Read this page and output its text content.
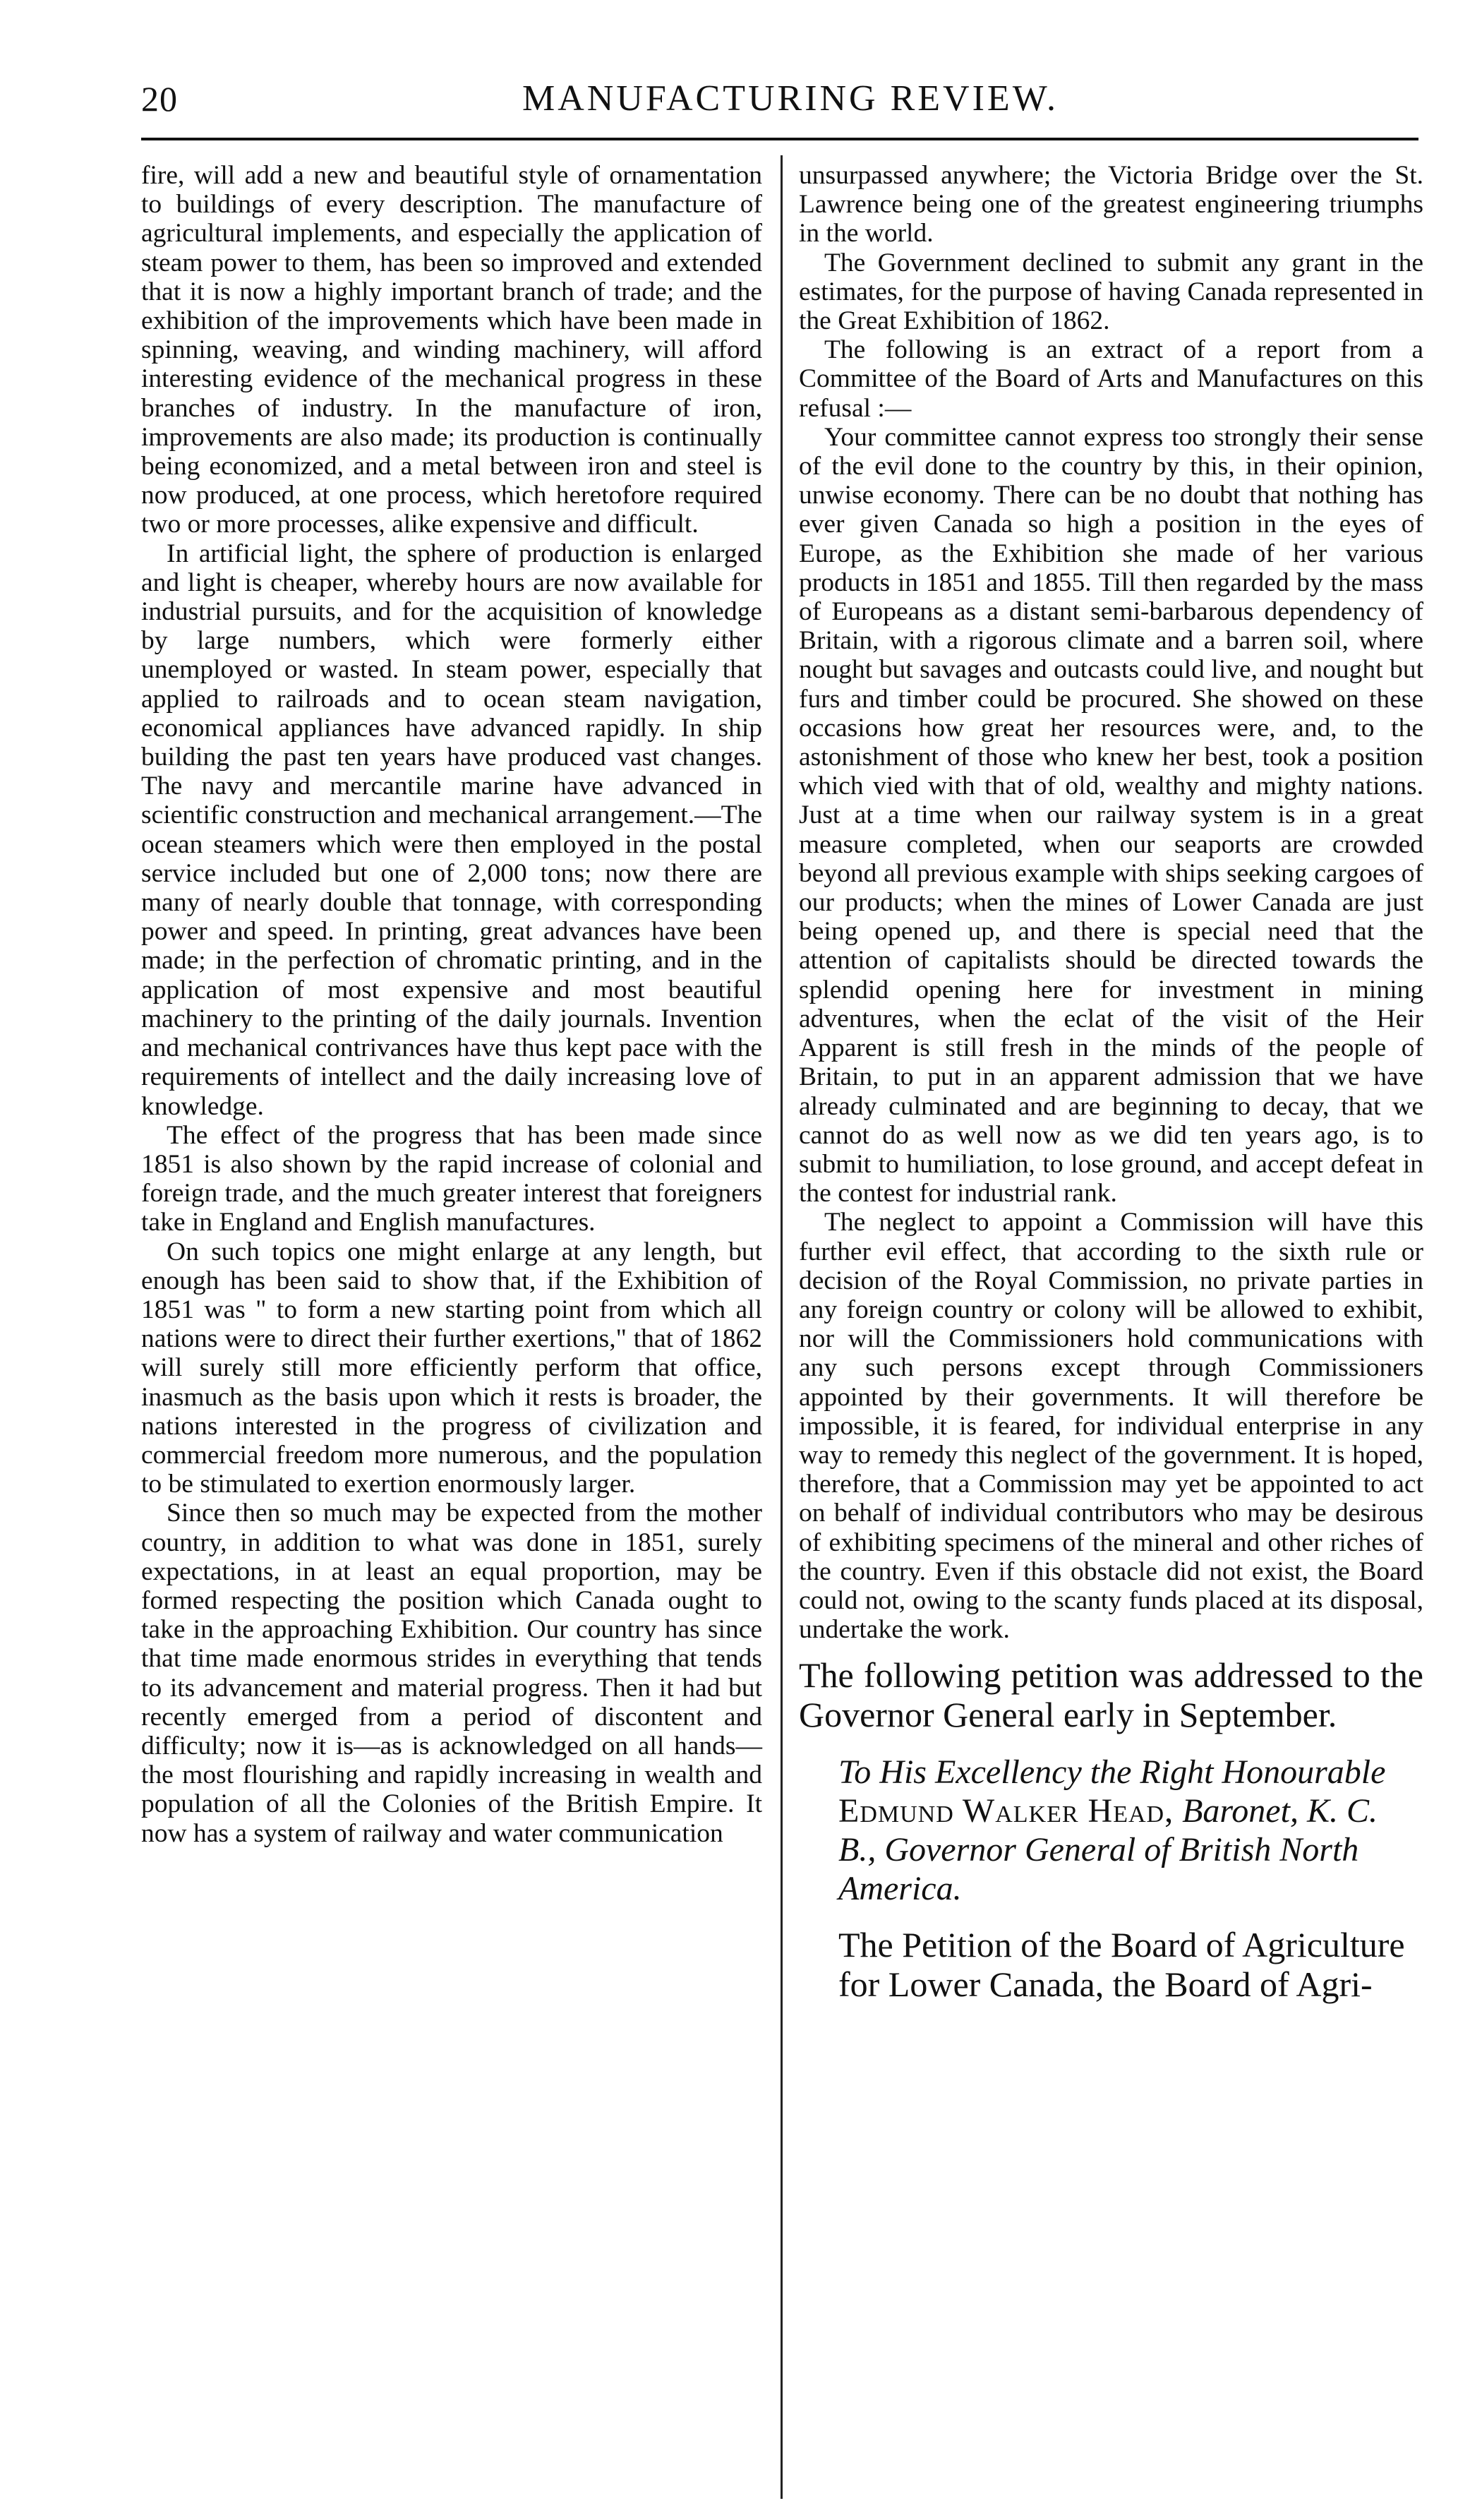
20	MANUFACTURING REVIEW.

fire, will add a new and beautiful style of ornamentation to buildings of every description. The manufacture of agricultural implements, and especially the application of steam power to them, has been so improved and extended that it is now a highly important branch of trade; and the exhibition of the improvements which have been made in spinning, weaving, and winding machinery, will afford interesting evidence of the mechanical progress in these branches of industry. In the manufacture of iron, improvements are also made; its production is continually being economized, and a metal between iron and steel is now produced, at one process, which heretofore required two or more processes, alike expensive and difficult.

In artificial light, the sphere of production is enlarged and light is cheaper, whereby hours are now available for industrial pursuits, and for the acquisition of knowledge by large numbers, which were formerly either unemployed or wasted. In steam power, especially that applied to railroads and to ocean steam navigation, economical appliances have advanced rapidly. In ship building the past ten years have produced vast changes. The navy and mercantile marine have advanced in scientific construction and mechanical arrangement.—The ocean steamers which were then employed in the postal service included but one of 2,000 tons; now there are many of nearly double that tonnage, with corresponding power and speed. In printing, great advances have been made; in the perfection of chromatic printing, and in the application of most expensive and most beautiful machinery to the printing of the daily journals. Invention and mechanical contrivances have thus kept pace with the requirements of intellect and the daily increasing love of knowledge.

The effect of the progress that has been made since 1851 is also shown by the rapid increase of colonial and foreign trade, and the much greater interest that foreigners take in England and English manufactures.

On such topics one might enlarge at any length, but enough has been said to show that, if the Exhibition of 1851 was " to form a new starting point from which all nations were to direct their further exertions," that of 1862 will surely still more efficiently perform that office, inasmuch as the basis upon which it rests is broader, the nations interested in the progress of civilization and commercial freedom more numerous, and the population to be stimulated to exertion enormously larger.

Since then so much may be expected from the mother country, in addition to what was done in 1851, surely expectations, in at least an equal proportion, may be formed respecting the position which Canada ought to take in the approaching Exhibition. Our country has since that time made enormous strides in everything that tends to its advancement and material progress. Then it had but recently emerged from a period of discontent and difficulty; now it is—as is acknowledged on all hands—the most flourishing and rapidly increasing in wealth and population of all the Colonies of the British Empire. It now has a system of railway and water communication

unsurpassed anywhere; the Victoria Bridge over the St. Lawrence being one of the greatest engineering triumphs in the world.

The Government declined to submit any grant in the estimates, for the purpose of having Canada represented in the Great Exhibition of 1862.

The following is an extract of a report from a Committee of the Board of Arts and Manufactures on this refusal :—

Your committee cannot express too strongly their sense of the evil done to the country by this, in their opinion, unwise economy. There can be no doubt that nothing has ever given Canada so high a position in the eyes of Europe, as the Exhibition she made of her various products in 1851 and 1855. Till then regarded by the mass of Europeans as a distant semi-barbarous dependency of Britain, with a rigorous climate and a barren soil, where nought but savages and outcasts could live, and nought but furs and timber could be procured. She showed on these occasions how great her resources were, and, to the astonishment of those who knew her best, took a position which vied with that of old, wealthy and mighty nations. Just at a time when our railway system is in a great measure completed, when our seaports are crowded beyond all previous example with ships seeking cargoes of our products; when the mines of Lower Canada are just being opened up, and there is special need that the attention of capitalists should be directed towards the splendid opening here for investment in mining adventures, when the eclat of the visit of the Heir Apparent is still fresh in the minds of the people of Britain, to put in an apparent admission that we have already culminated and are beginning to decay, that we cannot do as well now as we did ten years ago, is to submit to humiliation, to lose ground, and accept defeat in the contest for industrial rank.

The neglect to appoint a Commission will have this further evil effect, that according to the sixth rule or decision of the Royal Commission, no private parties in any foreign country or colony will be allowed to exhibit, nor will the Commissioners hold communications with any such persons except through Commissioners appointed by their governments. It will therefore be impossible, it is feared, for individual enterprise in any way to remedy this neglect of the government. It is hoped, therefore, that a Commission may yet be appointed to act on behalf of individual contributors who may be desirous of exhibiting specimens of the mineral and other riches of the country. Even if this obstacle did not exist, the Board could not, owing to the scanty funds placed at its disposal, undertake the work.

The following petition was addressed to the Governor General early in September.

To His Excellency the Right Honourable Edmund Walker Head, Baronet, K. C. B., Governor General of British North America.

The Petition of the Board of Agriculture for Lower Canada, the Board of Agri-
